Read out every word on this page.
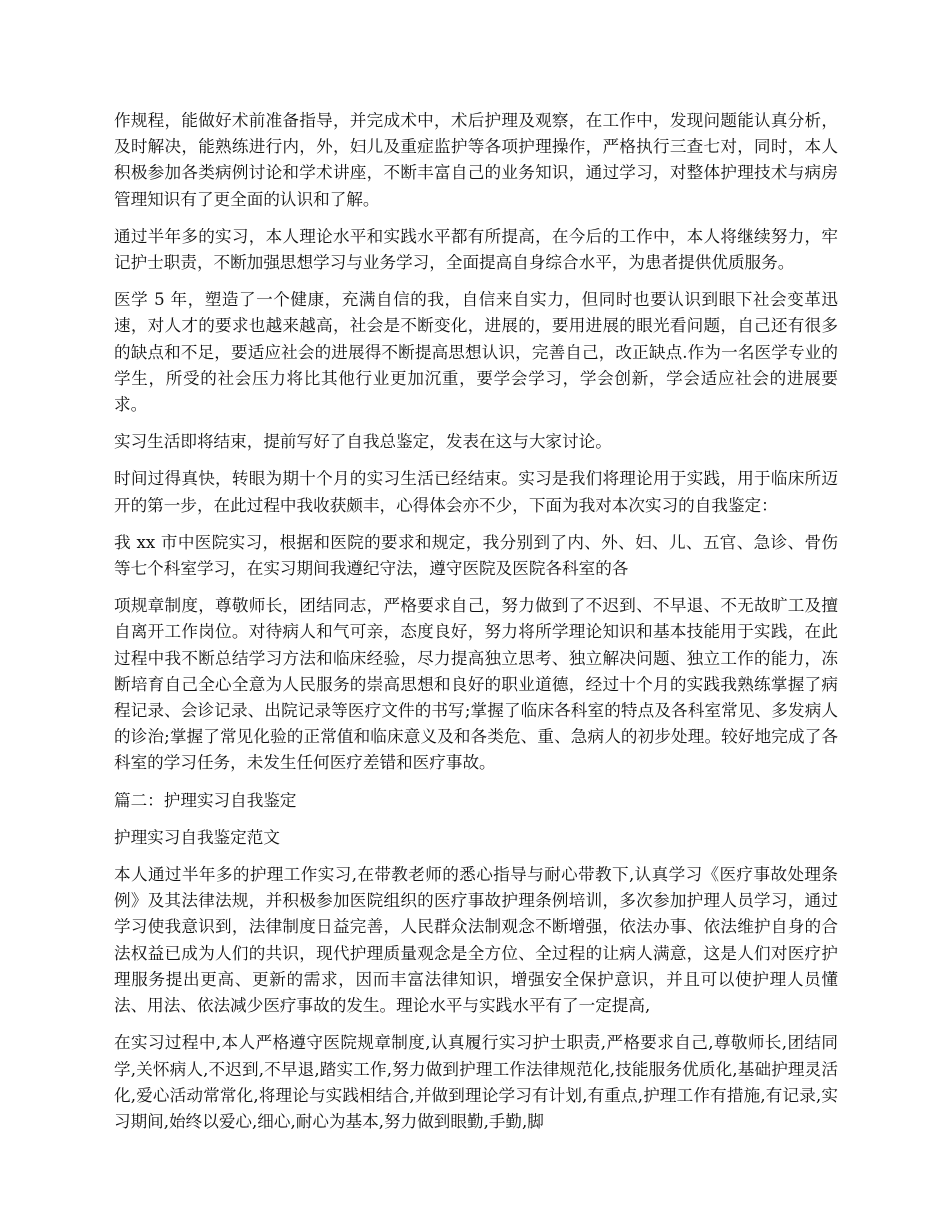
作规程，能做好术前准备指导，并完成术中，术后护理及观察，在工作中，发现问题能认真分析，及时解决，能熟练进行内，外，妇儿及重症监护等各项护理操作，严格执行三查七对，同时，本人积极参加各类病例讨论和学术讲座，不断丰富自己的业务知识，通过学习，对整体护理技术与病房管理知识有了更全面的认识和了解。

通过半年多的实习，本人理论水平和实践水平都有所提高，在今后的工作中，本人将继续努力，牢记护士职责，不断加强思想学习与业务学习，全面提高自身综合水平，为患者提供优质服务。

医学 5 年，塑造了一个健康，充满自信的我，自信来自实力，但同时也要认识到眼下社会变革迅速，对人才的要求也越来越高，社会是不断变化，进展的，要用进展的眼光看问题，自己还有很多的缺点和不足，要适应社会的进展得不断提高思想认识，完善自己，改正缺点.作为一名医学专业的学生，所受的社会压力将比其他行业更加沉重，要学会学习，学会创新，学会适应社会的进展要求。

实习生活即将结束，提前写好了自我总鉴定，发表在这与大家讨论。

时间过得真快，转眼为期十个月的实习生活已经结束。实习是我们将理论用于实践，用于临床所迈开的第一步，在此过程中我收获颇丰，心得体会亦不少，下面为我对本次实习的自我鉴定：

我 xx 市中医院实习，根据和医院的要求和规定，我分别到了内、外、妇、儿、五官、急诊、骨伤等七个科室学习，在实习期间我遵纪守法，遵守医院及医院各科室的各

项规章制度，尊敬师长，团结同志，严格要求自己，努力做到了不迟到、不早退、不无故旷工及擅自离开工作岗位。对待病人和气可亲，态度良好，努力将所学理论知识和基本技能用于实践，在此过程中我不断总结学习方法和临床经验，尽力提高独立思考、独立解决问题、独立工作的能力，冻断培育自己全心全意为人民服务的崇高思想和良好的职业道德，经过十个月的实践我熟练掌握了病程记录、会诊记录、出院记录等医疗文件的书写;掌握了临床各科室的特点及各科室常见、多发病人的诊治;掌握了常见化验的正常值和临床意义及和各类危、重、急病人的初步处理。较好地完成了各科室的学习任务，未发生任何医疗差错和医疗事故。

篇二：护理实习自我鉴定

护理实习自我鉴定范文

本人通过半年多的护理工作实习,在带教老师的悉心指导与耐心带教下,认真学习《医疗事故处理条例》及其法律法规，并积极参加医院组织的医疗事故护理条例培训，多次参加护理人员学习，通过学习使我意识到，法律制度日益完善，人民群众法制观念不断增强，依法办事、依法维护自身的合法权益已成为人们的共识，现代护理质量观念是全方位、全过程的让病人满意，这是人们对医疗护理服务提出更高、更新的需求，因而丰富法律知识，增强安全保护意识，并且可以使护理人员懂法、用法、依法减少医疗事故的发生。理论水平与实践水平有了一定提高,

在实习过程中,本人严格遵守医院规章制度,认真履行实习护士职责,严格要求自己,尊敬师长,团结同学,关怀病人,不迟到,不早退,踏实工作,努力做到护理工作法律规范化,技能服务优质化,基础护理灵活化,爱心活动常常化,将理论与实践相结合,并做到理论学习有计划,有重点,护理工作有措施,有记录,实习期间,始终以爱心,细心,耐心为基本,努力做到眼勤,手勤,脚
